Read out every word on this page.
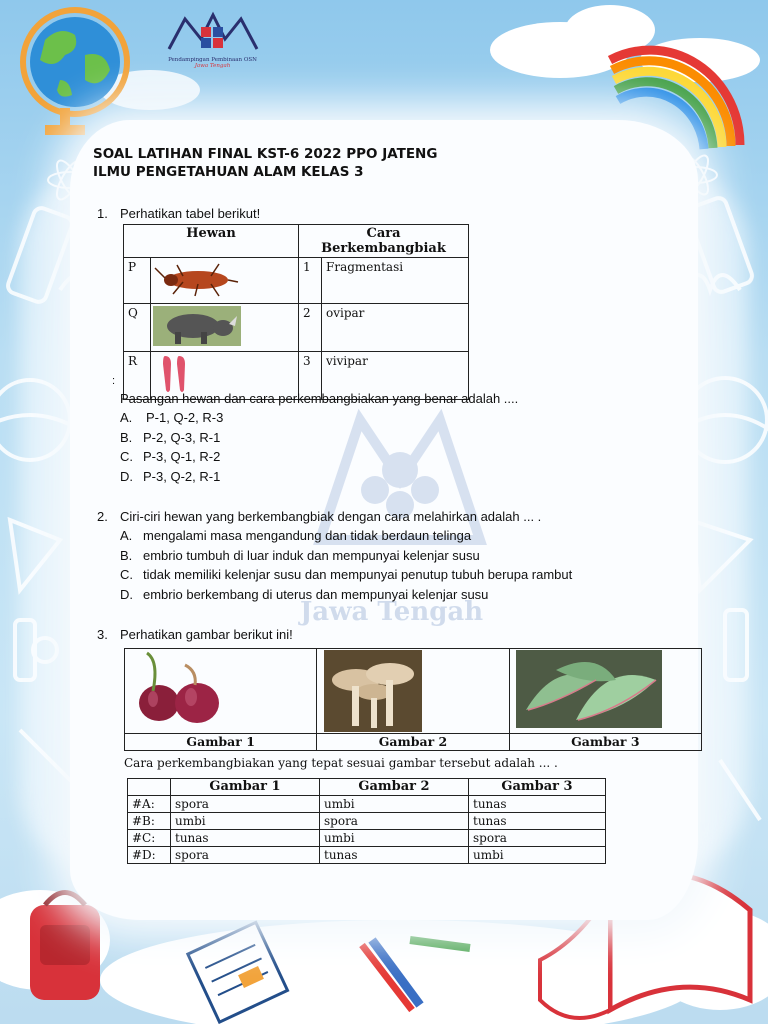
Jawa Tengah
Pendampingan Pembinaan OSN
Jawa Tengah
SOAL LATIHAN FINAL KST-6 2022 PPO JATENG
ILMU PENGETAHUAN ALAM KELAS 3
1. Perhatikan tabel berikut!
Hewan		Cara Berkembangbiak	
P		1	Fragmentasi
Q		2	ovipar
R		3	vivipar
:
Pasangan hewan dan cara perkembangbiakan yang benar adalah ....
A. P-1, Q-2, R-3
B. P-2, Q-3, R-1
C. P-3, Q-1, R-2
D. P-3, Q-2, R-1
2. Ciri-ciri hewan yang berkembangbiak dengan cara melahirkan adalah ... .
A. mengalami masa mengandung dan tidak berdaun telinga
B. embrio tumbuh di luar induk dan mempunyai kelenjar susu
C. tidak memiliki kelenjar susu dan mempunyai penutup tubuh berupa rambut
D. embrio berkembang di uterus dan mempunyai kelenjar susu
3. Perhatikan gambar berikut ini!
Gambar 1	Gambar 2	Gambar 3
Cara perkembangbiakan yang tepat sesuai gambar tersebut adalah ... .
	Gambar 1	Gambar 2	Gambar 3
#A:	spora	umbi	tunas
#B:	umbi	spora	tunas
#C:	tunas	umbi	spora
#D:	spora	tunas	umbi
